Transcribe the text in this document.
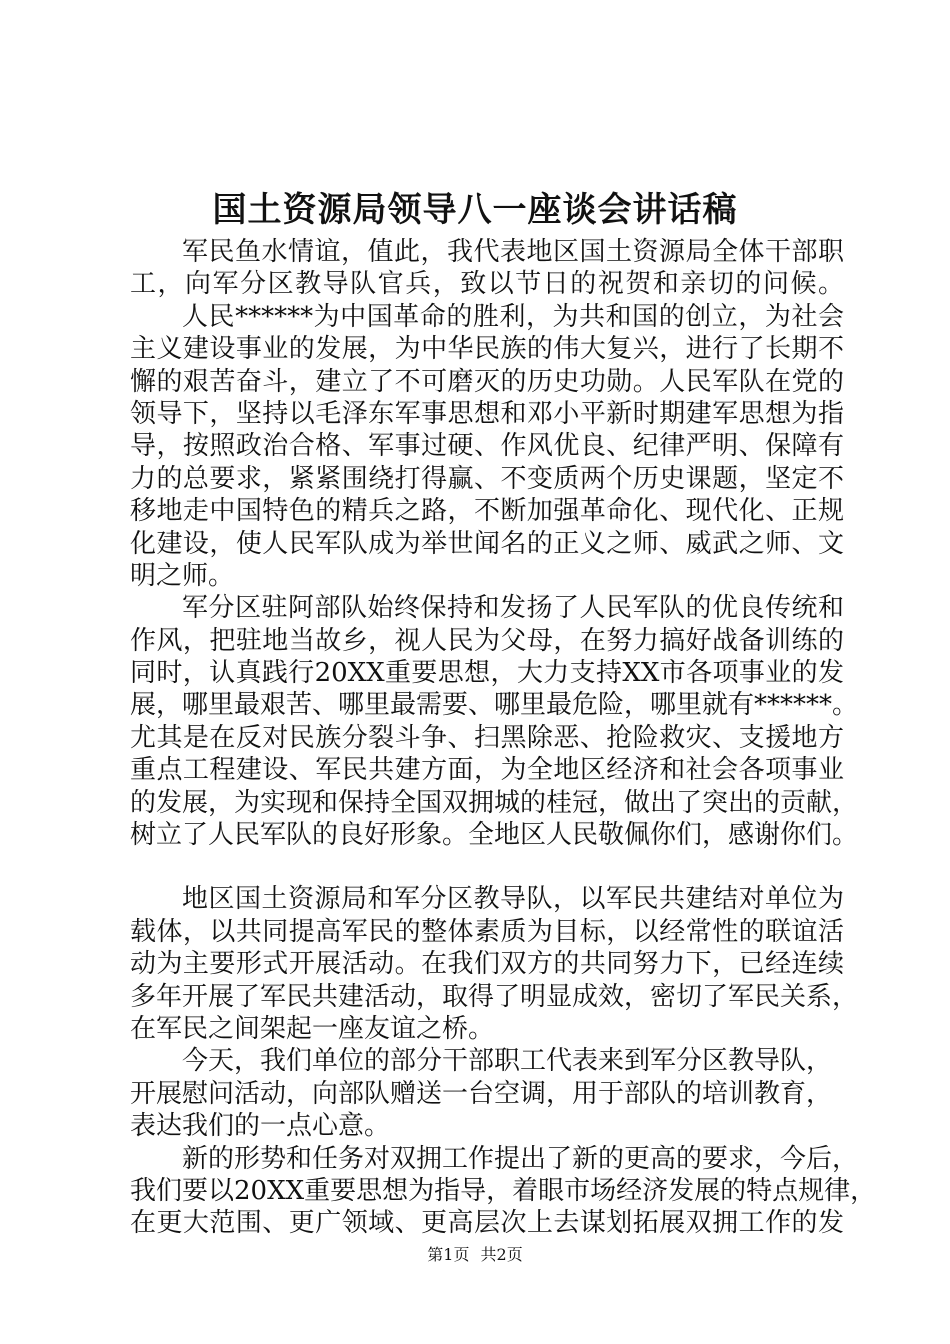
国土资源局领导八一座谈会讲话稿
军民鱼水情谊，值此，我代表地区国土资源局全体干部职
工，向军分区教导队官兵，致以节日的祝贺和亲切的问候。
人民******为中国革命的胜利，为共和国的创立，为社会
主义建设事业的发展，为中华民族的伟大复兴，进行了长期不
懈的艰苦奋斗，建立了不可磨灭的历史功勋。人民军队在党的
领导下，坚持以毛泽东军事思想和邓小平新时期建军思想为指
导，按照政治合格、军事过硬、作风优良、纪律严明、保障有
力的总要求，紧紧围绕打得赢、不变质两个历史课题，坚定不
移地走中国特色的精兵之路，不断加强革命化、现代化、正规
化建设，使人民军队成为举世闻名的正义之师、威武之师、文
明之师。
军分区驻阿部队始终保持和发扬了人民军队的优良传统和
作风，把驻地当故乡，视人民为父母，在努力搞好战备训练的
同时，认真践行20XX重要思想，大力支持XX市各项事业的发
展，哪里最艰苦、哪里最需要、哪里最危险，哪里就有******。
尤其是在反对民族分裂斗争、扫黑除恶、抢险救灾、支援地方
重点工程建设、军民共建方面，为全地区经济和社会各项事业
的发展，为实现和保持全国双拥城的桂冠，做出了突出的贡献，
树立了人民军队的良好形象。全地区人民敬佩你们，感谢你们。
地区国土资源局和军分区教导队，以军民共建结对单位为
载体，以共同提高军民的整体素质为目标，以经常性的联谊活
动为主要形式开展活动。在我们双方的共同努力下，已经连续
多年开展了军民共建活动，取得了明显成效，密切了军民关系，
在军民之间架起一座友谊之桥。
今天，我们单位的部分干部职工代表来到军分区教导队，
开展慰问活动，向部队赠送一台空调，用于部队的培训教育，
表达我们的一点心意。
新的形势和任务对双拥工作提出了新的更高的要求，今后，
我们要以20XX重要思想为指导，着眼市场经济发展的特点规律，
在更大范围、更广领域、更高层次上去谋划拓展双拥工作的发
第1页 共2页
